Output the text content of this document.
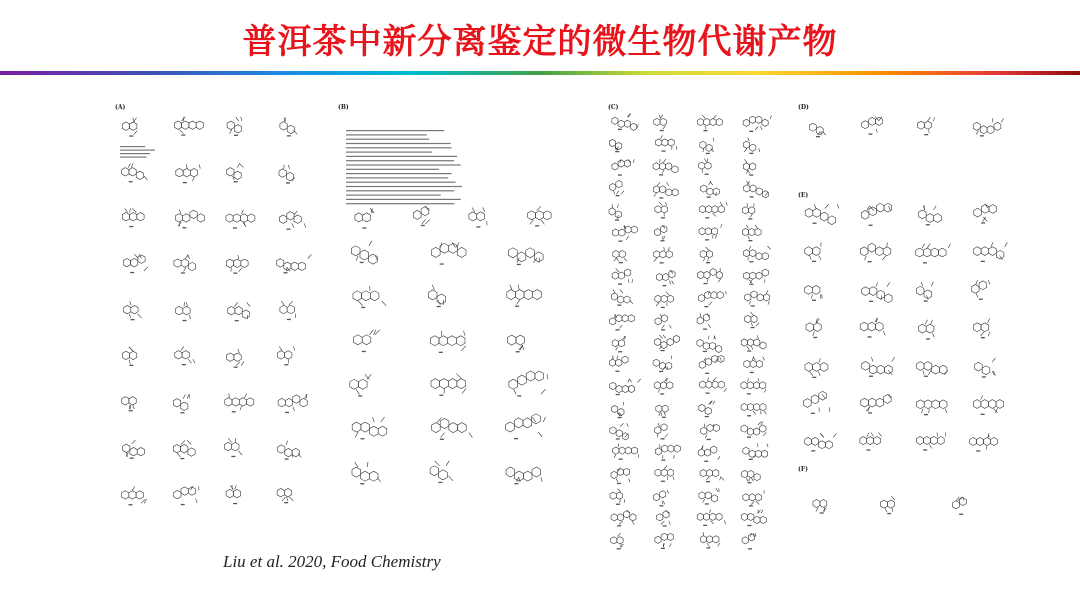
普洱茶中新分离鉴定的微生物代谢产物
(A)	(B)	(C)	(D)
(E)
(F)
Liu et al. 2020, Food Chemistry
